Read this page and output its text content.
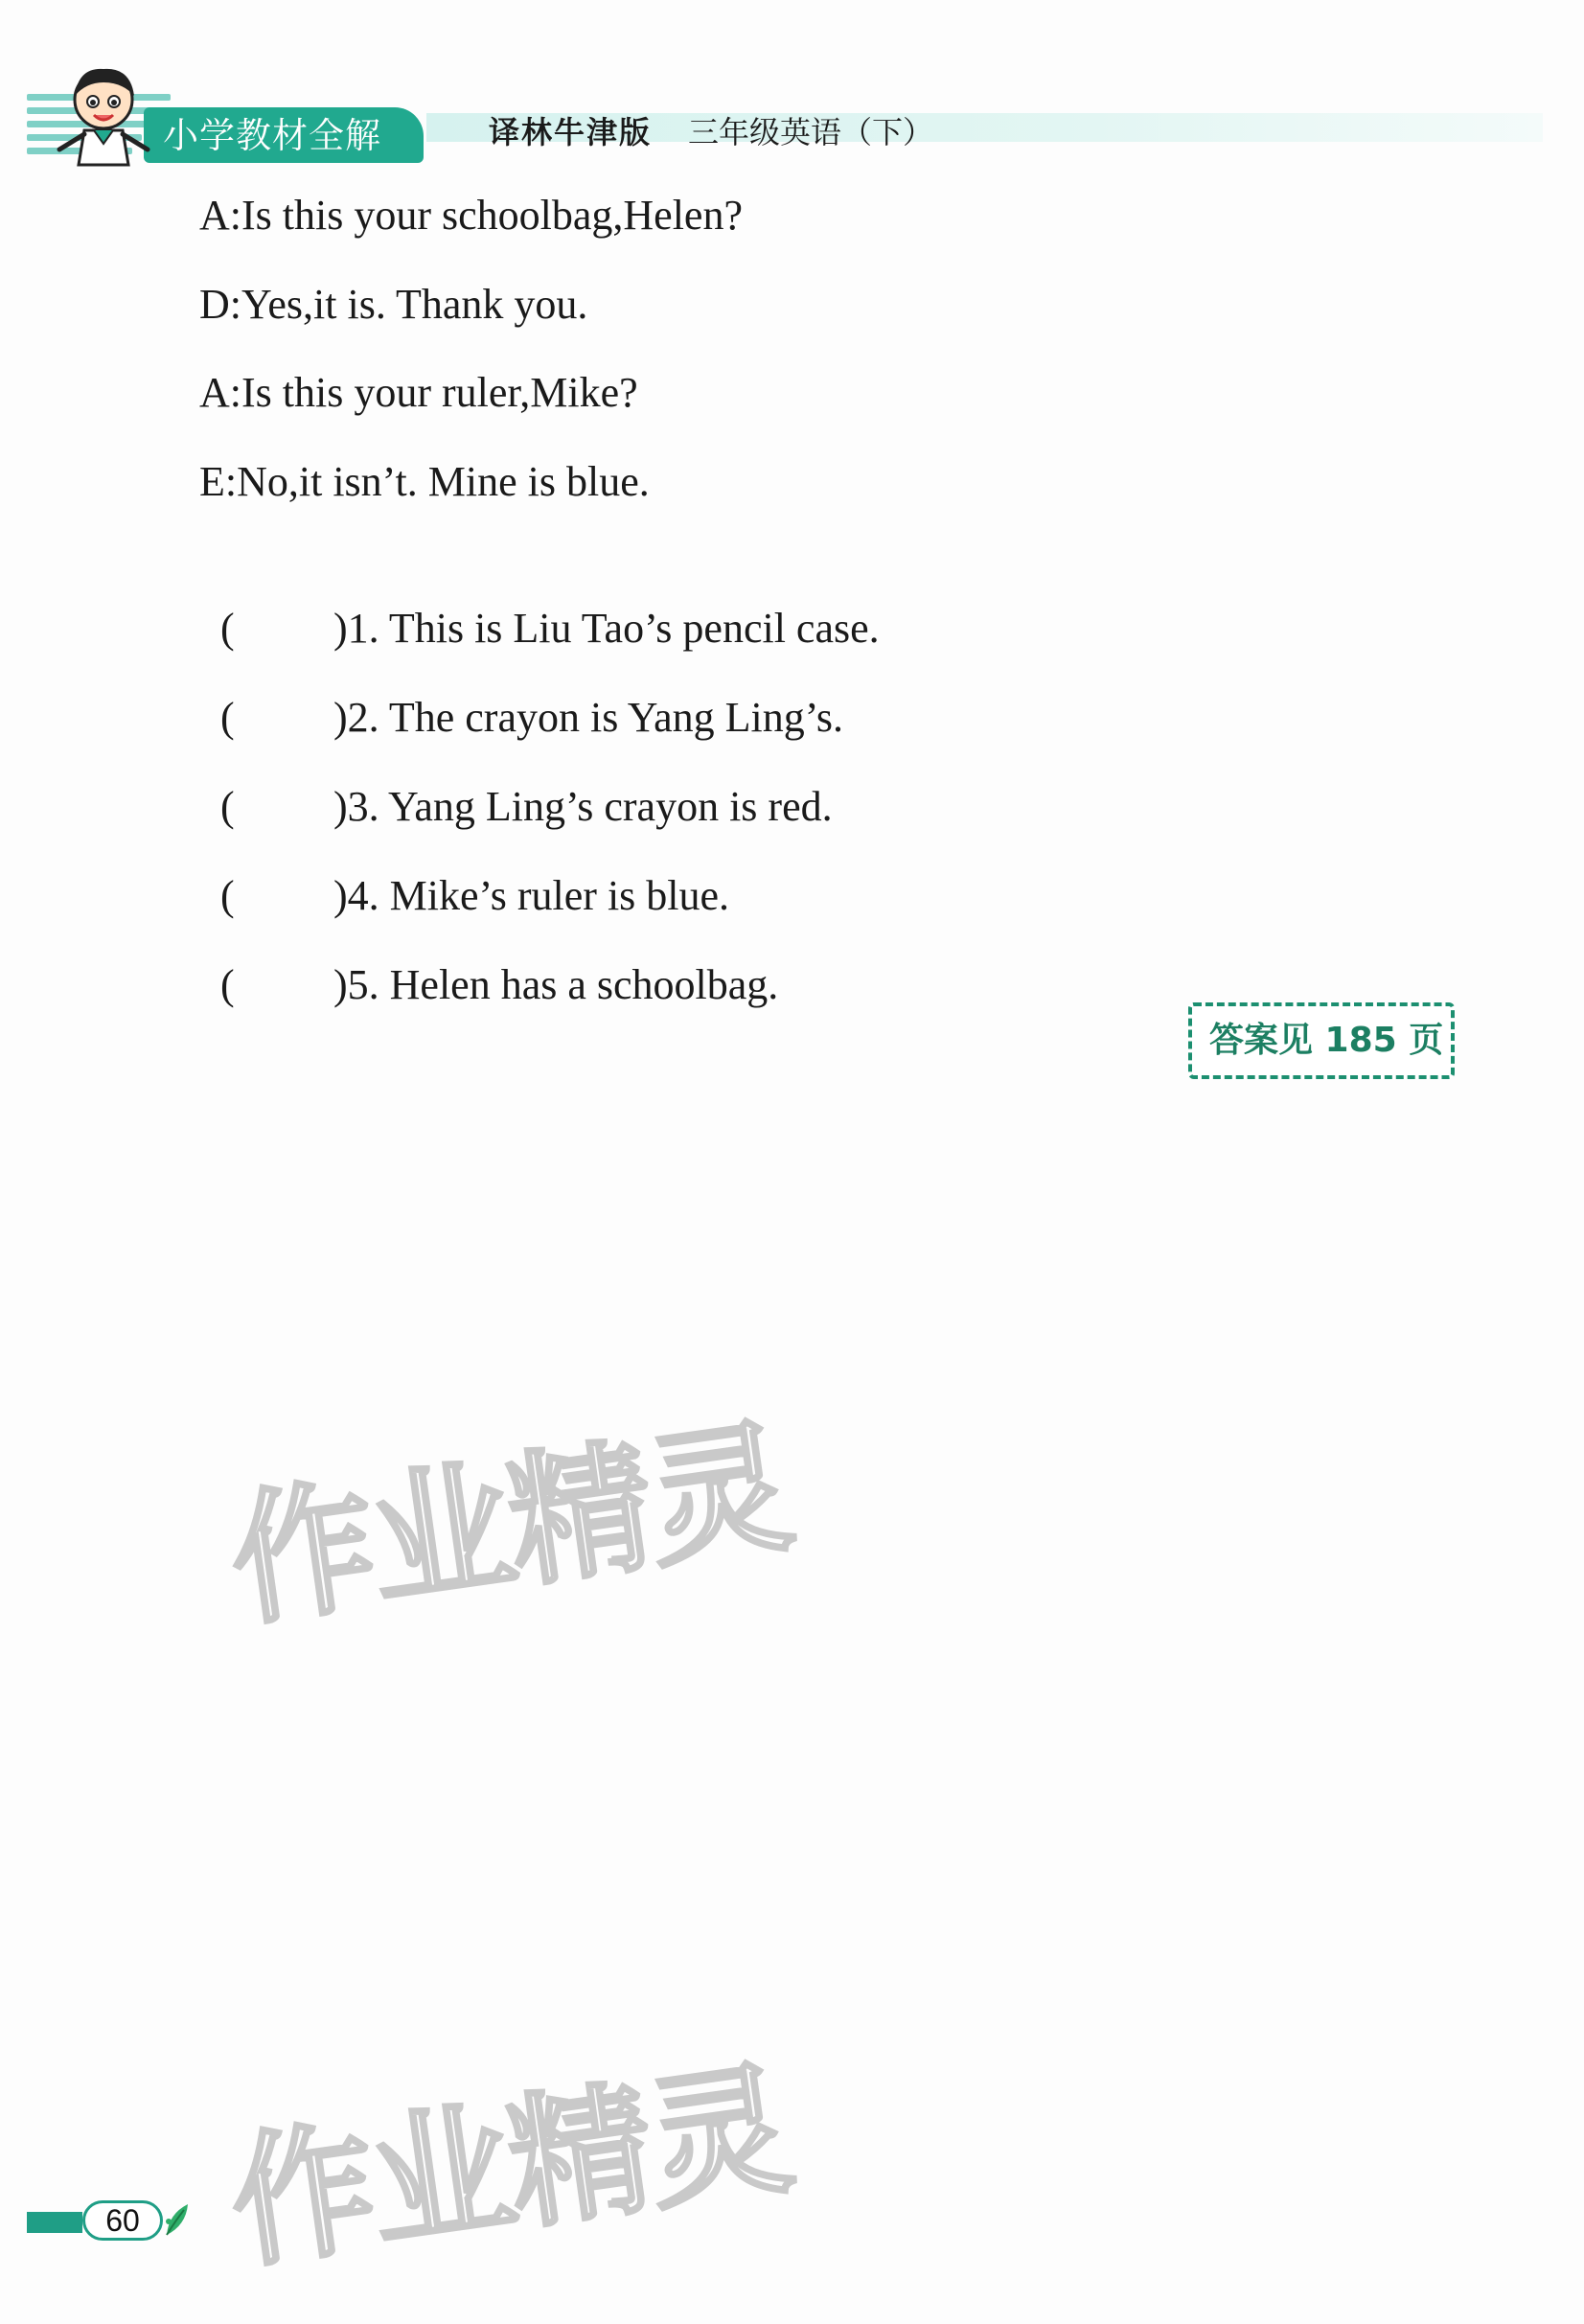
小学教材全解	译林牛津版 三年级英语（下）
A:Is this your schoolbag,Helen?
D:Yes,it is. Thank you.
A:Is this your ruler,Mike?
E:No,it isn’t. Mine is blue.

( )1. This is Liu Tao’s pencil case.

( )2. The crayon is Yang Ling’s.

( )3. Yang Ling’s crayon is red.

( )4. Mike’s ruler is blue.

( )5. Helen has a schoolbag.

答案见 185 页
作业精灵
作业精灵
60
